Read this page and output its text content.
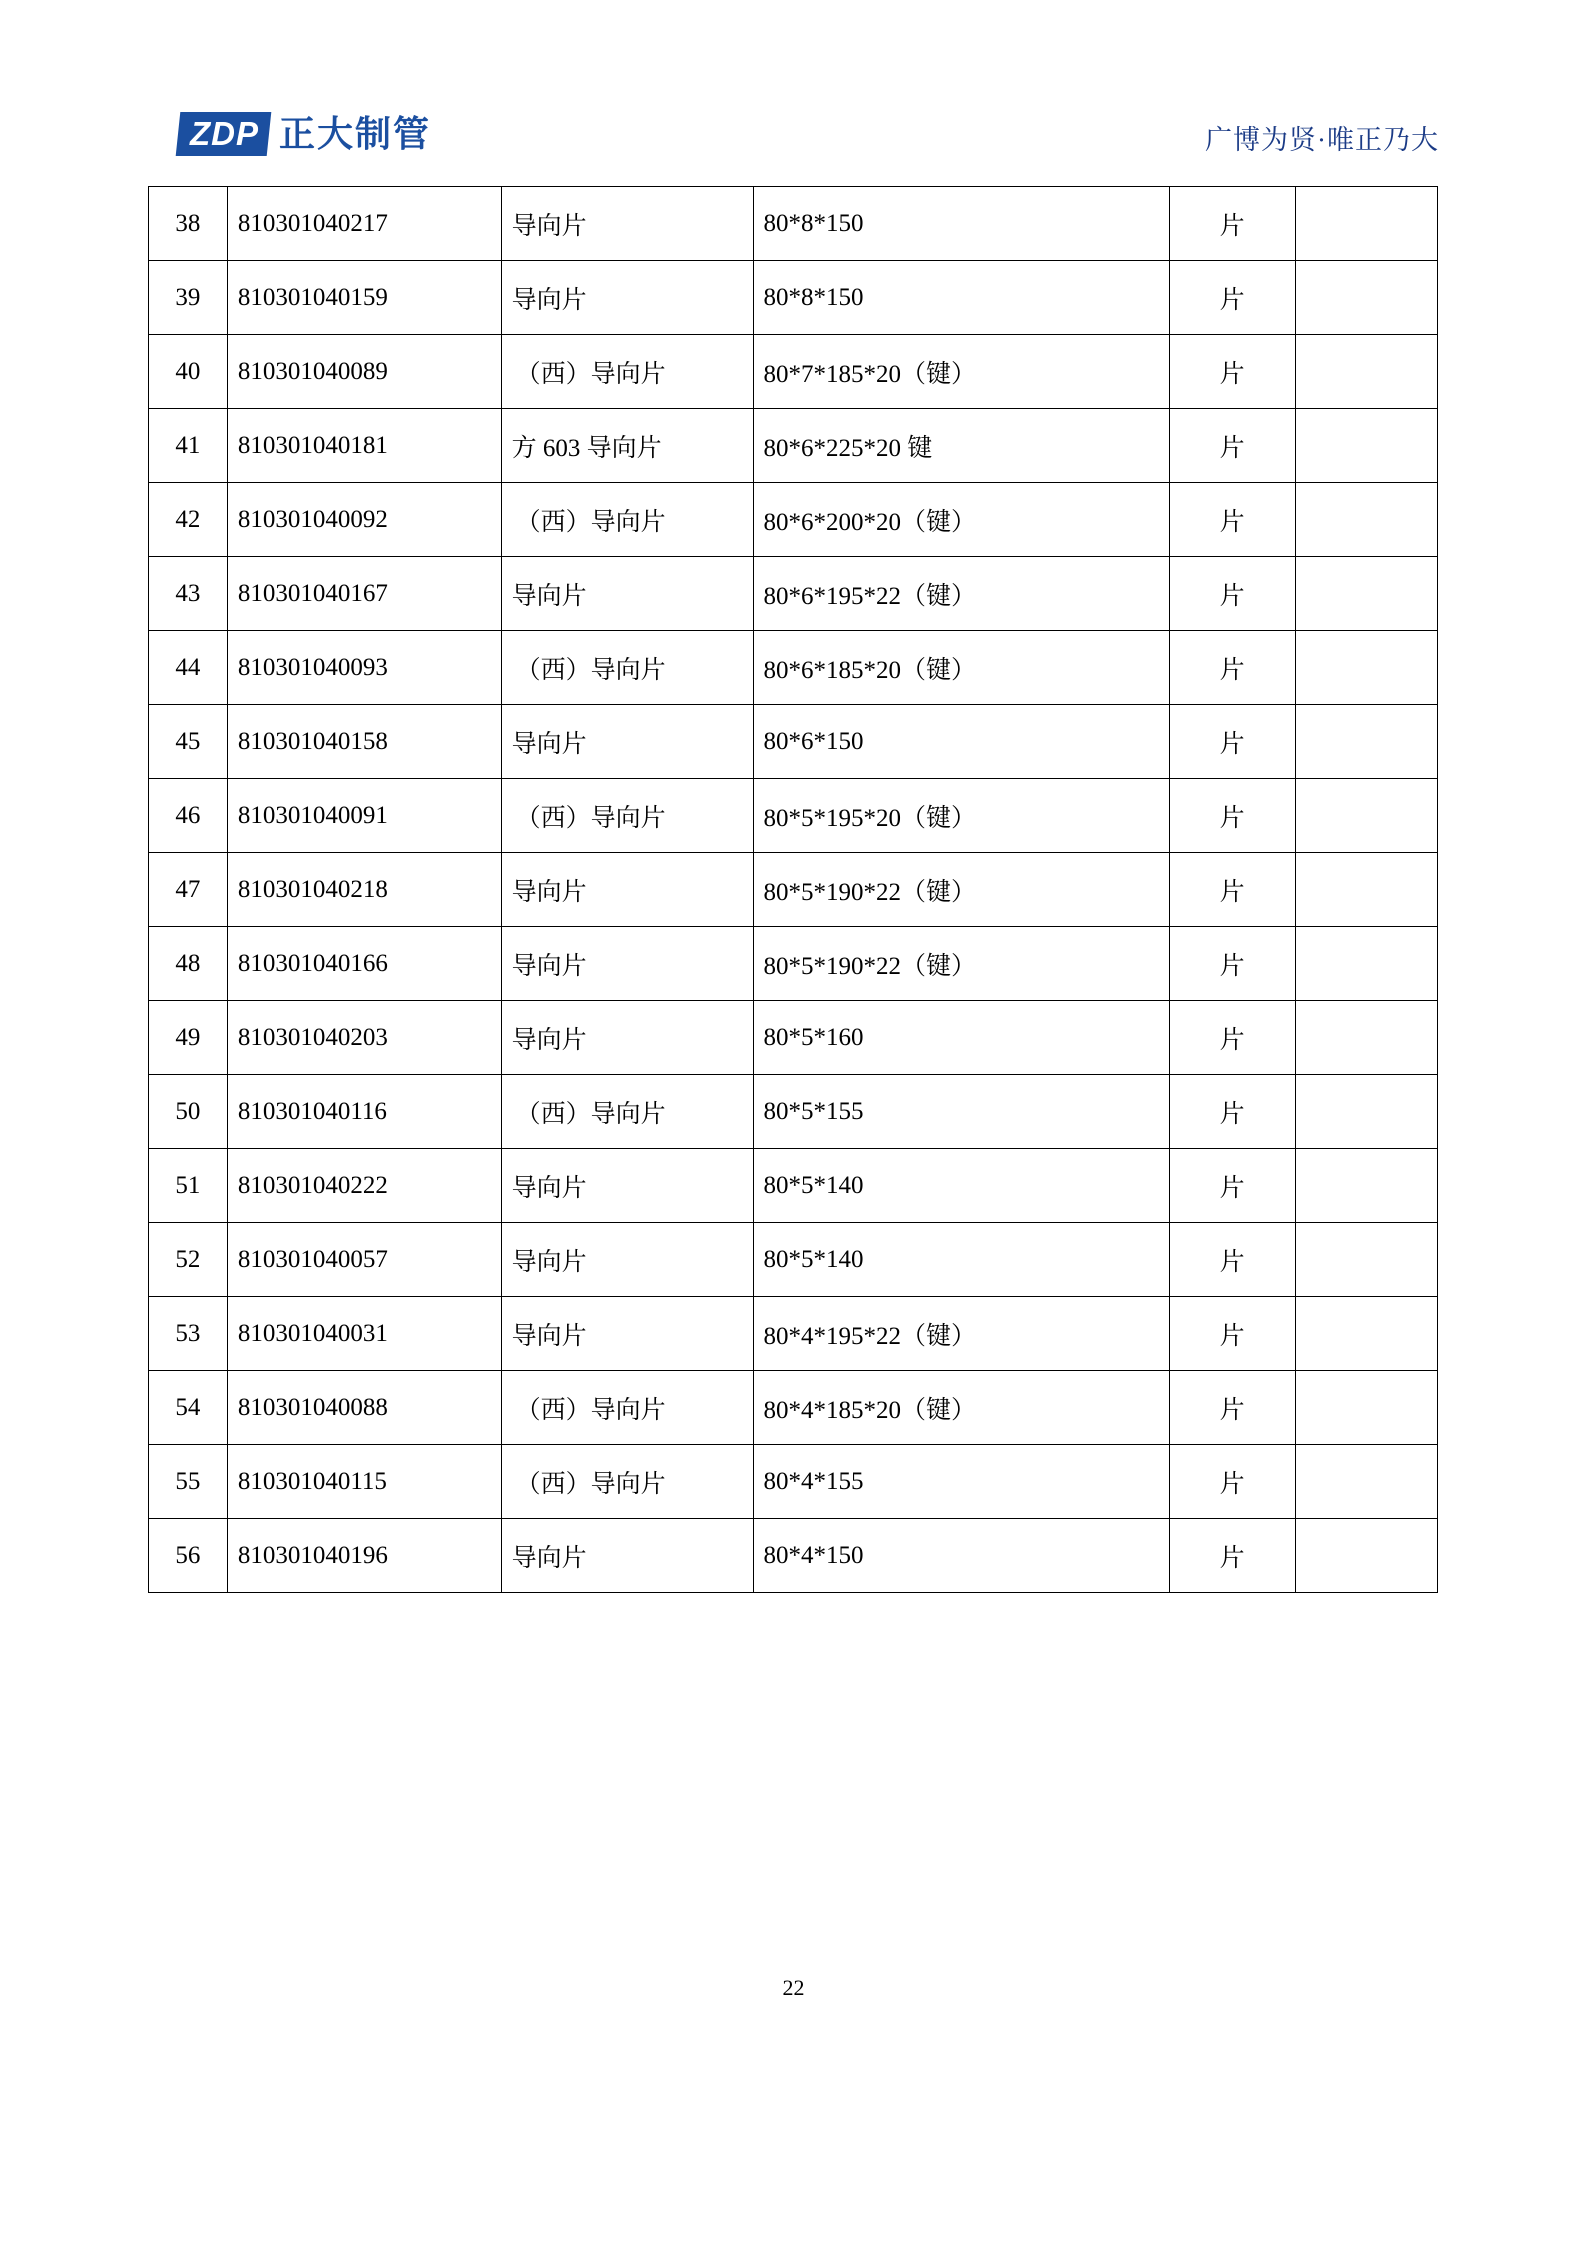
ZDP 正大制管	广博为贤·唯正乃大
38	810301040217	导向片	80*8*150	片	
39	810301040159	导向片	80*8*150	片	
40	810301040089	（西）导向片	80*7*185*20（键）	片	
41	810301040181	方 603 导向片	80*6*225*20 键	片	
42	810301040092	（西）导向片	80*6*200*20（键）	片	
43	810301040167	导向片	80*6*195*22（键）	片	
44	810301040093	（西）导向片	80*6*185*20（键）	片	
45	810301040158	导向片	80*6*150	片	
46	810301040091	（西）导向片	80*5*195*20（键）	片	
47	810301040218	导向片	80*5*190*22（键）	片	
48	810301040166	导向片	80*5*190*22（键）	片	
49	810301040203	导向片	80*5*160	片	
50	810301040116	（西）导向片	80*5*155	片	
51	810301040222	导向片	80*5*140	片	
52	810301040057	导向片	80*5*140	片	
53	810301040031	导向片	80*4*195*22（键）	片	
54	810301040088	（西）导向片	80*4*185*20（键）	片	
55	810301040115	（西）导向片	80*4*155	片	
56	810301040196	导向片	80*4*150	片	
22
